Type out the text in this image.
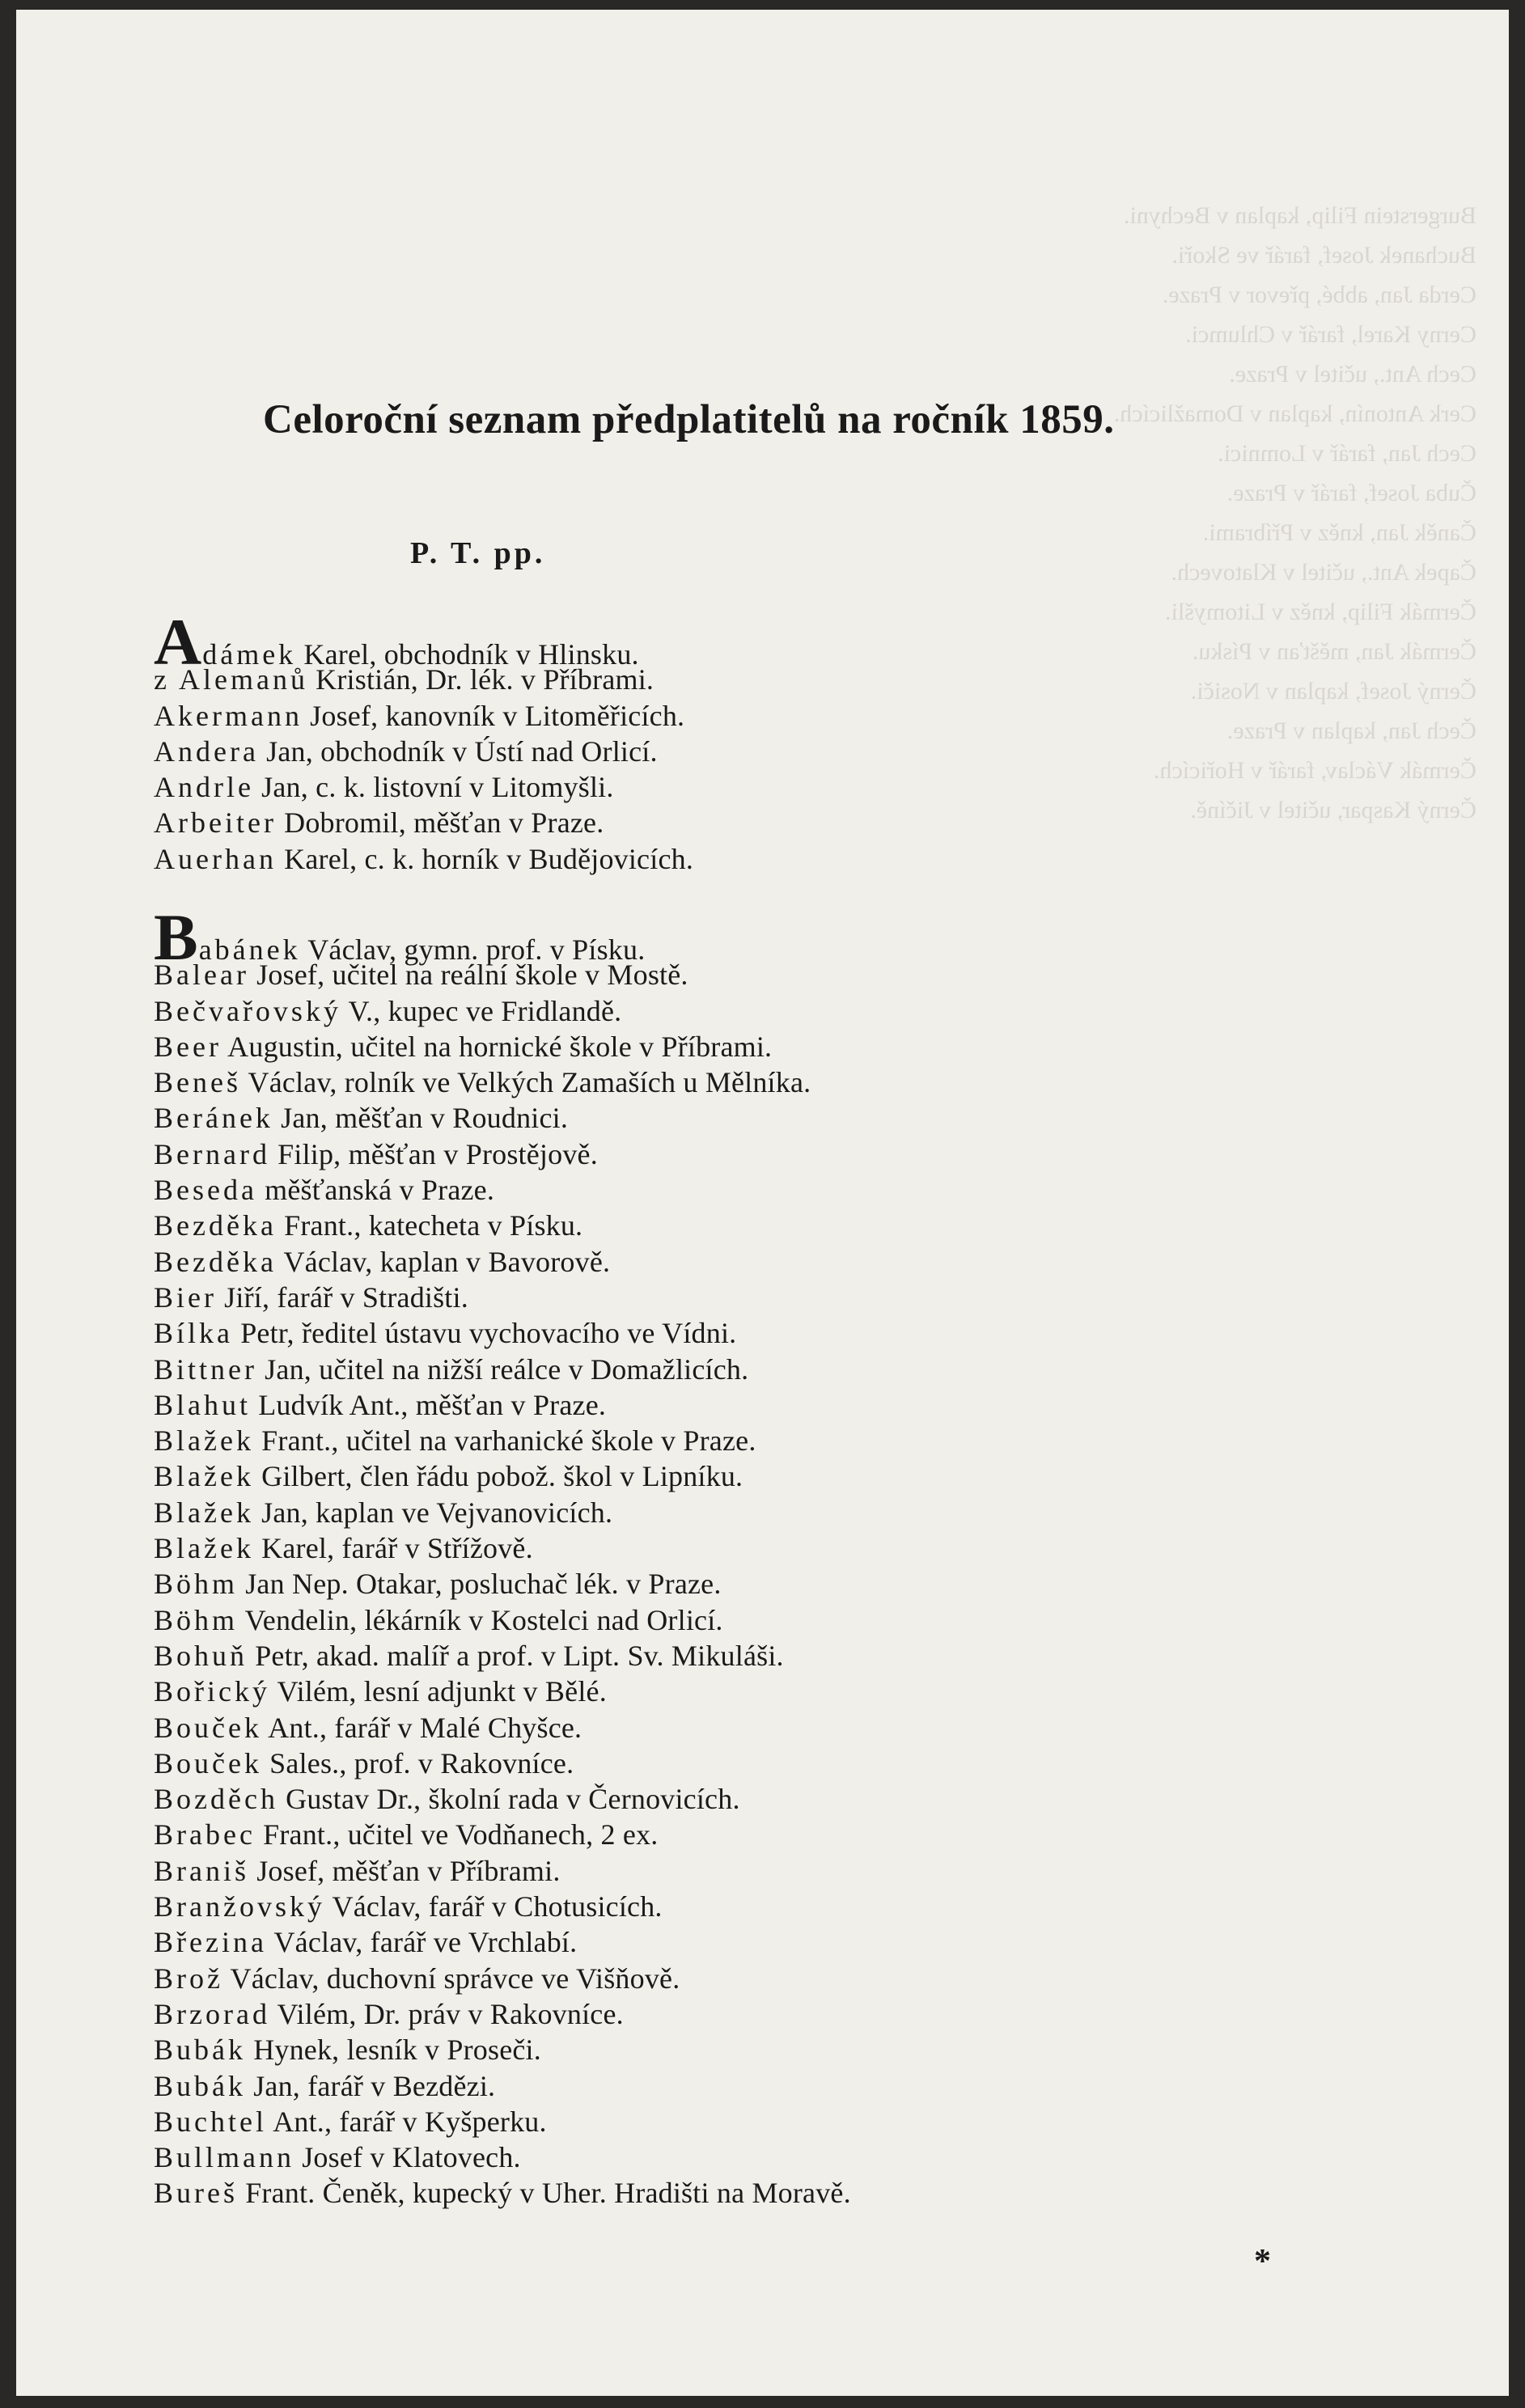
Burgerstein Filip, kaplan v Bechyni.
Buchanek Josef, farář ve Skoři.
Cerda Jan, abbé, převor v Praze.
Cerny Karel, farář v Chlumci.
Cech Ant., učitel v Praze.
Cerk Antonín, kaplan v Domažlicích.
Cech Jan, farář v Lomnici.
Čuba Josef, farář v Praze.
Čaněk Jan, kněz v Příbrami.
Čapek Ant., učitel v Klatovech.
Čermák Filip, kněz v Litomyšli.
Čermák Jan, měšťan v Písku.
Černý Josef, kaplan v Nosiči.
Čech Jan, kaplan v Praze.
Čermák Václav, farář v Hořicích.
Černý Kaspar, učitel v Jičíně.
Celoroční seznam předplatitelů na ročník 1859.
P. T. pp.
Adámek Karel, obchodník v Hlinsku.
z Alemanů Kristián, Dr. lék. v Příbrami.
Akermann Josef, kanovník v Litoměřicích.
Andera Jan, obchodník v Ústí nad Orlicí.
Andrle Jan, c. k. listovní v Litomyšli.
Arbeiter Dobromil, měšťan v Praze.
Auerhan Karel, c. k. horník v Budějovicích.
Babánek Václav, gymn. prof. v Písku.
Balear Josef, učitel na reální škole v Mostě.
Bečvařovský V., kupec ve Fridlandě.
Beer Augustin, učitel na hornické škole v Příbrami.
Beneš Václav, rolník ve Velkých Zamaších u Mělníka.
Beránek Jan, měšťan v Roudnici.
Bernard Filip, měšťan v Prostějově.
Beseda měšťanská v Praze.
Bezděka Frant., katecheta v Písku.
Bezděka Václav, kaplan v Bavorově.
Bier Jiří, farář v Stradišti.
Bílka Petr, ředitel ústavu vychovacího ve Vídni.
Bittner Jan, učitel na nižší reálce v Domažlicích.
Blahut Ludvík Ant., měšťan v Praze.
Blažek Frant., učitel na varhanické škole v Praze.
Blažek Gilbert, člen řádu pobož. škol v Lipníku.
Blažek Jan, kaplan ve Vejvanovicích.
Blažek Karel, farář v Střížově.
Böhm Jan Nep. Otakar, posluchač lék. v Praze.
Böhm Vendelin, lékárník v Kostelci nad Orlicí.
Bohuň Petr, akad. malíř a prof. v Lipt. Sv. Mikuláši.
Bořický Vilém, lesní adjunkt v Bělé.
Bouček Ant., farář v Malé Chyšce.
Bouček Sales., prof. v Rakovníce.
Bozděch Gustav Dr., školní rada v Černovicích.
Brabec Frant., učitel ve Vodňanech, 2 ex.
Braniš Josef, měšťan v Příbrami.
Branžovský Václav, farář v Chotusicích.
Březina Václav, farář ve Vrchlabí.
Brož Václav, duchovní správce ve Višňově.
Brzorad Vilém, Dr. práv v Rakovníce.
Bubák Hynek, lesník v Proseči.
Bubák Jan, farář v Bezdězi.
Buchtel Ant., farář v Kyšperku.
Bullmann Josef v Klatovech.
Bureš Frant. Čeněk, kupecký v Uher. Hradišti na Moravě.
*
